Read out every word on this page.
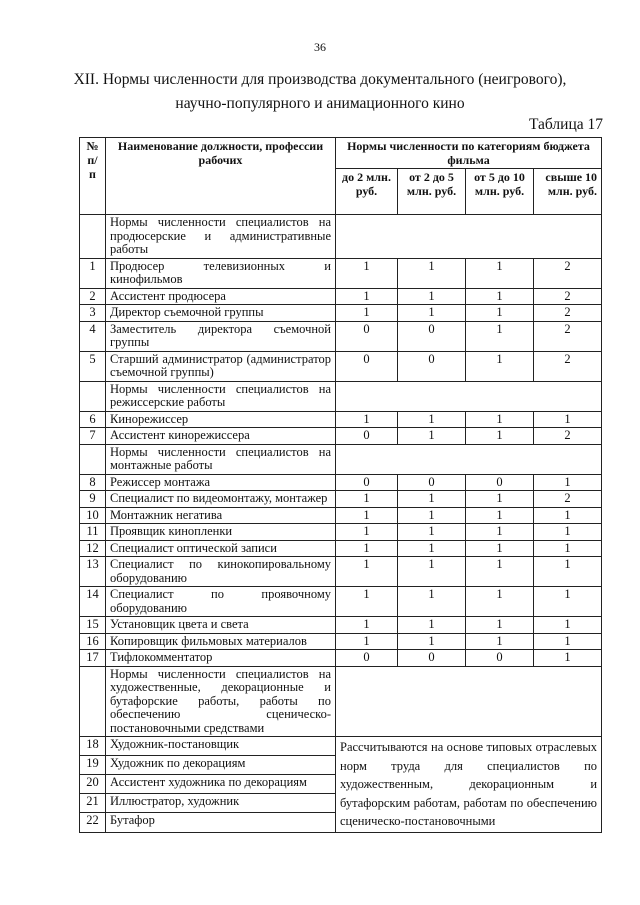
36
XII. Нормы численности для производства документального (неигрового),
научно-популярного и анимационного кино
Таблица 17
№ п/п	Наименование должности, профессии рабочих	Нормы численности по категориям бюджета фильма			
		до 2 млн. руб.	от 2 до 5 млн. руб.	от 5 до 10 млн. руб.	свыше 10 млн. руб.
	Нормы численности специалистов на продюсерские и административные работы				
1	Продюсер телевизионных и кинофильмов	1	1	1	2
2	Ассистент продюсера	1	1	1	2
3	Директор съемочной группы	1	1	1	2
4	Заместитель директора съемочной группы	0	0	1	2
5	Старший администратор (администратор съемочной группы)	0	0	1	2
	Нормы численности специалистов на режиссерские работы				
6	Кинорежиссер	1	1	1	1
7	Ассистент кинорежиссера	0	1	1	2
	Нормы численности специалистов на монтажные работы				
8	Режиссер монтажа	0	0	0	1
9	Специалист по видеомонтажу, монтажер	1	1	1	2
10	Монтажник негатива	1	1	1	1
11	Проявщик кинопленки	1	1	1	1
12	Специалист оптической записи	1	1	1	1
13	Специалист по кинокопировальному оборудованию	1	1	1	1
14	Специалист по проявочному оборудованию	1	1	1	1
15	Установщик цвета и света	1	1	1	1
16	Копировщик фильмовых материалов	1	1	1	1
17	Тифлокомментатор	0	0	0	1
	Нормы численности специалистов на художественные, декорационные и бутафорские работы, работы по обеспечению сценическо-постановочными средствами				
18	Художник-постановщик	Рассчитываются на основе типовых отраслевых норм труда для специалистов по художественным, декорационным и бутафорским работам, работам по обеспечению сценическо-постановочными			
19	Художник по декорациям				
20	Ассистент художника по декорациям				
21	Иллюстратор, художник				
22	Бутафор				
